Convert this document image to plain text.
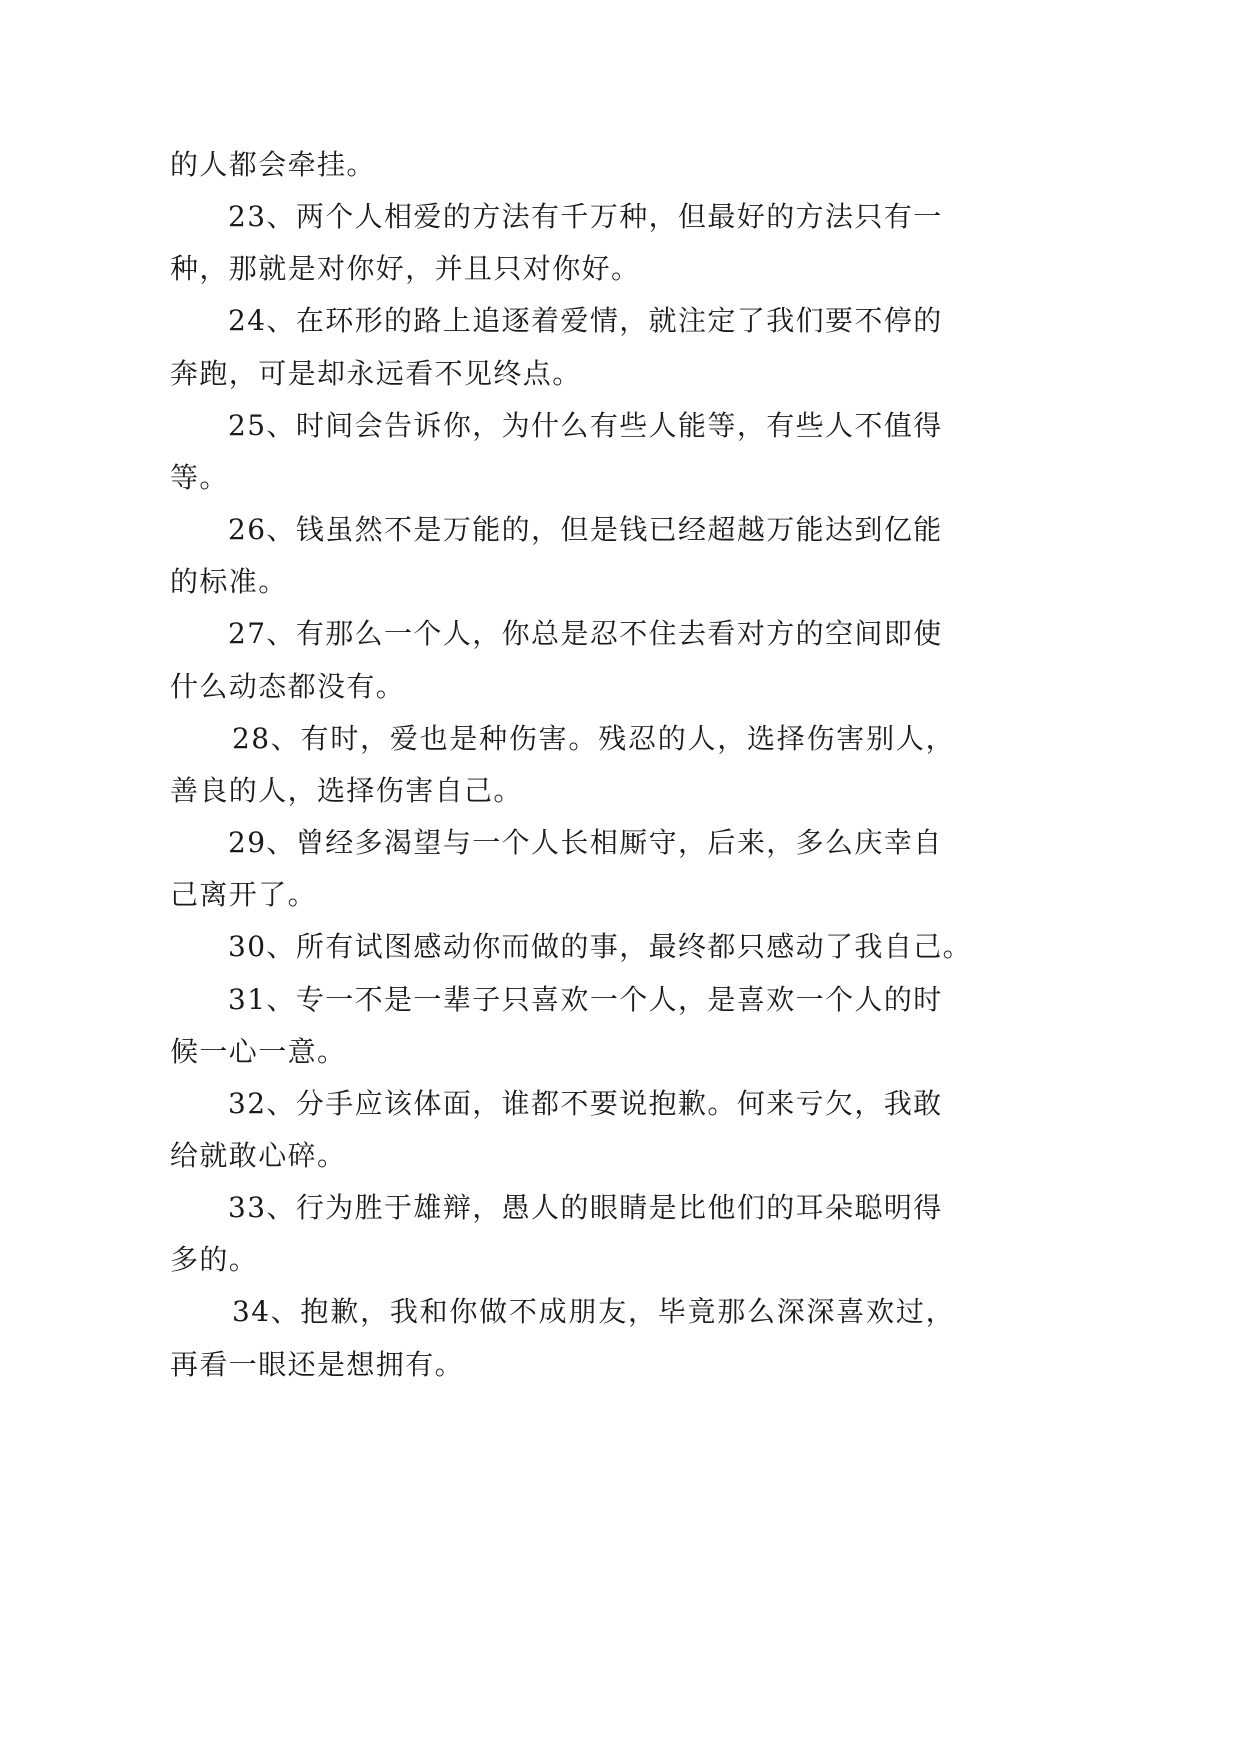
的人都会牵挂。
23、两个人相爱的方法有千万种，但最好的方法只有一
种，那就是对你好，并且只对你好。
24、在环形的路上追逐着爱情，就注定了我们要不停的
奔跑，可是却永远看不见终点。
25、时间会告诉你，为什么有些人能等，有些人不值得
等。
26、钱虽然不是万能的，但是钱已经超越万能达到亿能
的标准。
27、有那么一个人，你总是忍不住去看对方的空间即使
什么动态都没有。
28、有时，爱也是种伤害。残忍的人，选择伤害别人，
善良的人，选择伤害自己。
29、曾经多渴望与一个人长相厮守，后来，多么庆幸自
己离开了。
30、所有试图感动你而做的事，最终都只感动了我自己。
31、专一不是一辈子只喜欢一个人，是喜欢一个人的时
候一心一意。
32、分手应该体面，谁都不要说抱歉。何来亏欠，我敢
给就敢心碎。
33、行为胜于雄辩，愚人的眼睛是比他们的耳朵聪明得
多的。
34、抱歉，我和你做不成朋友，毕竟那么深深喜欢过，
再看一眼还是想拥有。
